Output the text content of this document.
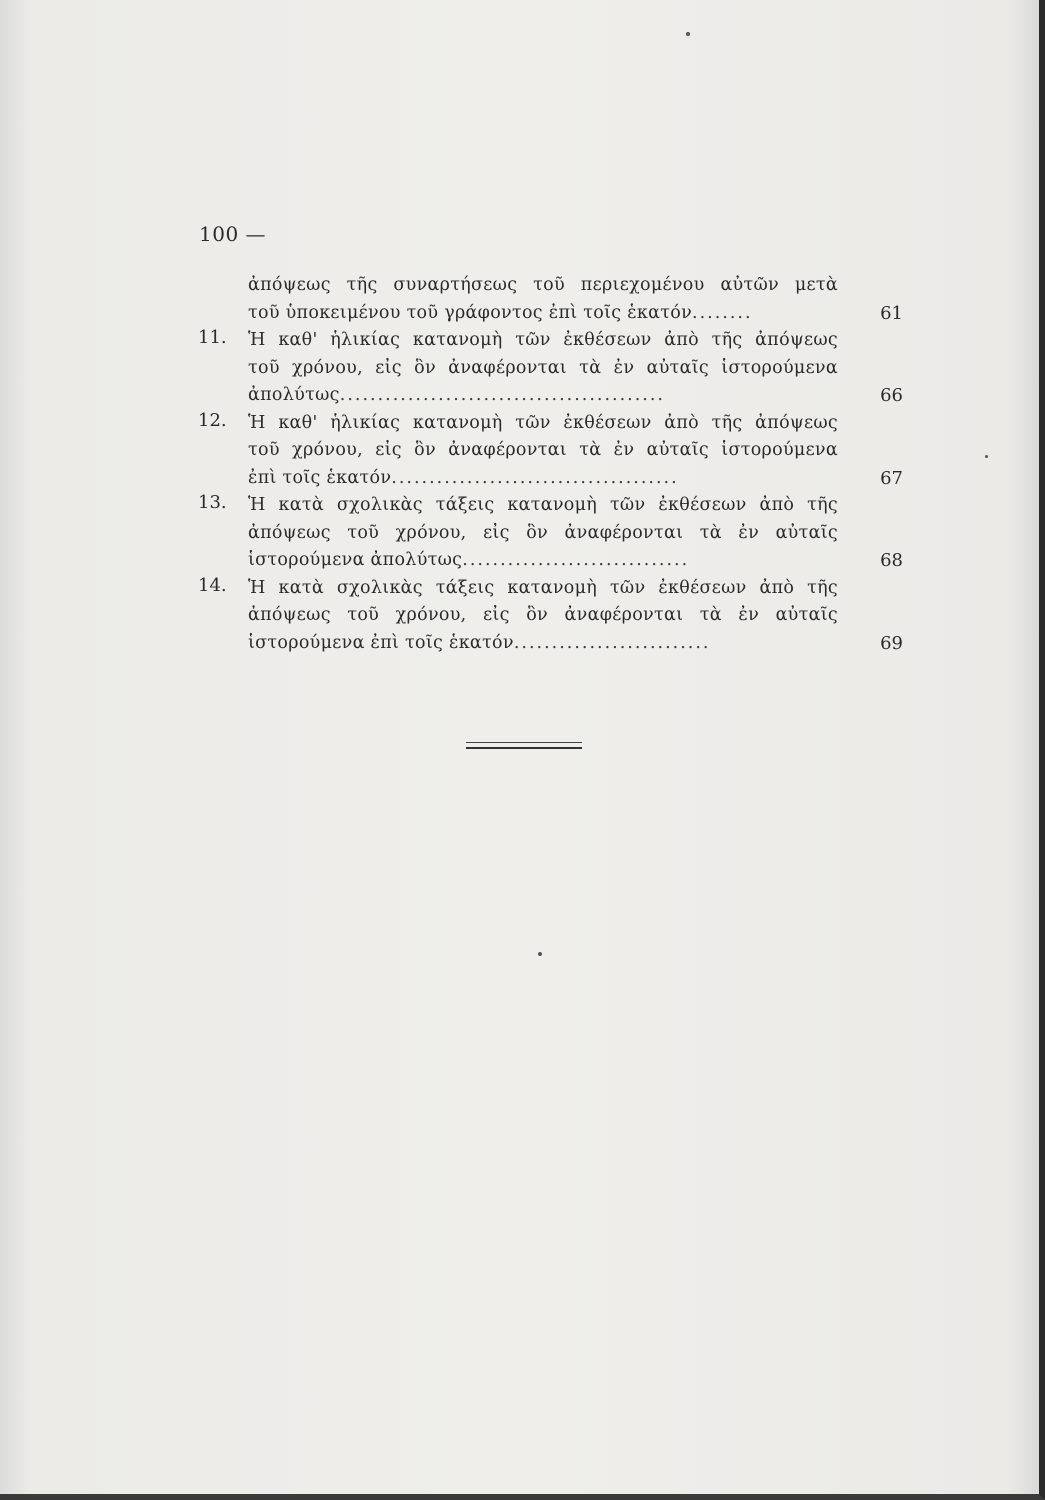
100 —
ἀπόψεως τῆς συναρτήσεως τοῦ περιεχομένου αὐτῶν μετὰ
τοῦ ὑποκειμένου τοῦ γράφοντος ἐπὶ τοῖς ἑκατόν........	61
11. Ἡ καθ' ἡλικίας κατανομὴ τῶν ἐκθέσεων ἀπὸ τῆς ἀπόψεως
τοῦ χρόνου, εἰς ὃν ἀναφέρονται τὰ ἐν αὐταῖς ἱστορούμενα
ἀπολύτως...........................................	66
12. Ἡ καθ' ἡλικίας κατανομὴ τῶν ἐκθέσεων ἀπὸ τῆς ἀπόψεως
τοῦ χρόνου, εἰς ὃν ἀναφέρονται τὰ ἐν αὐταῖς ἱστορούμενα
ἐπὶ τοῖς ἑκατόν......................................	67
13. Ἡ κατὰ σχολικὰς τάξεις κατανομὴ τῶν ἐκθέσεων ἀπὸ τῆς
ἀπόψεως τοῦ χρόνου, εἰς ὃν ἀναφέρονται τὰ ἐν αὐταῖς
ἱστορούμενα ἀπολύτως..............................	68
14. Ἡ κατὰ σχολικὰς τάξεις κατανομὴ τῶν ἐκθέσεων ἀπὸ τῆς
ἀπόψεως τοῦ χρόνου, εἰς ὃν ἀναφέρονται τὰ ἐν αὐταῖς
ἱστορούμενα ἐπὶ τοῖς ἑκατόν..........................	69
